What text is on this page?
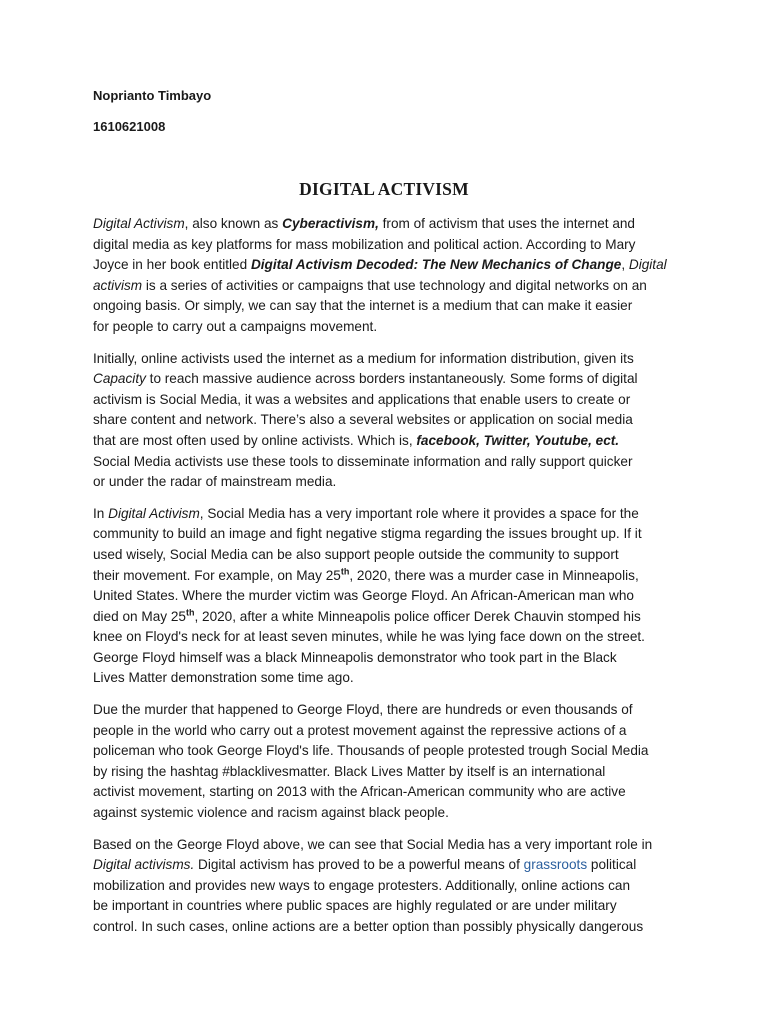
Noprianto Timbayo

1610621008

DIGITAL ACTIVISM

Digital Activism, also known as Cyberactivism, from of activism that uses the internet and
digital media as key platforms for mass mobilization and political action. According to Mary
Joyce in her book entitled Digital Activism Decoded: The New Mechanics of Change, Digital
activism is a series of activities or campaigns that use technology and digital networks on an
ongoing basis. Or simply, we can say that the internet is a medium that can make it easier
for people to carry out a campaigns movement.

Initially, online activists used the internet as a medium for information distribution, given its
Capacity to reach massive audience across borders instantaneously. Some forms of digital
activism is Social Media, it was a websites and applications that enable users to create or
share content and network. There’s also a several websites or application on social media
that are most often used by online activists. Which is, facebook, Twitter, Youtube, ect.
Social Media activists use these tools to disseminate information and rally support quicker
or under the radar of mainstream media.

In Digital Activism, Social Media has a very important role where it provides a space for the
community to build an image and fight negative stigma regarding the issues brought up. If it
used wisely, Social Media can be also support people outside the community to support
their movement. For example, on May 25th, 2020, there was a murder case in Minneapolis,
United States. Where the murder victim was George Floyd. An African-American man who
died on May 25th, 2020, after a white Minneapolis police officer Derek Chauvin stomped his
knee on Floyd's neck for at least seven minutes, while he was lying face down on the street.
George Floyd himself was a black Minneapolis demonstrator who took part in the Black
Lives Matter demonstration some time ago.

Due the murder that happened to George Floyd, there are hundreds or even thousands of
people in the world who carry out a protest movement against the repressive actions of a
policeman who took George Floyd's life. Thousands of people protested trough Social Media
by rising the hashtag #blacklivesmatter. Black Lives Matter by itself is an international
activist movement, starting on 2013 with the African-American community who are active
against systemic violence and racism against black people.

Based on the George Floyd above, we can see that Social Media has a very important role in
Digital activisms. Digital activism has proved to be a powerful means of grassroots political
mobilization and provides new ways to engage protesters. Additionally, online actions can
be important in countries where public spaces are highly regulated or are under military
control. In such cases, online actions are a better option than possibly physically dangerous
